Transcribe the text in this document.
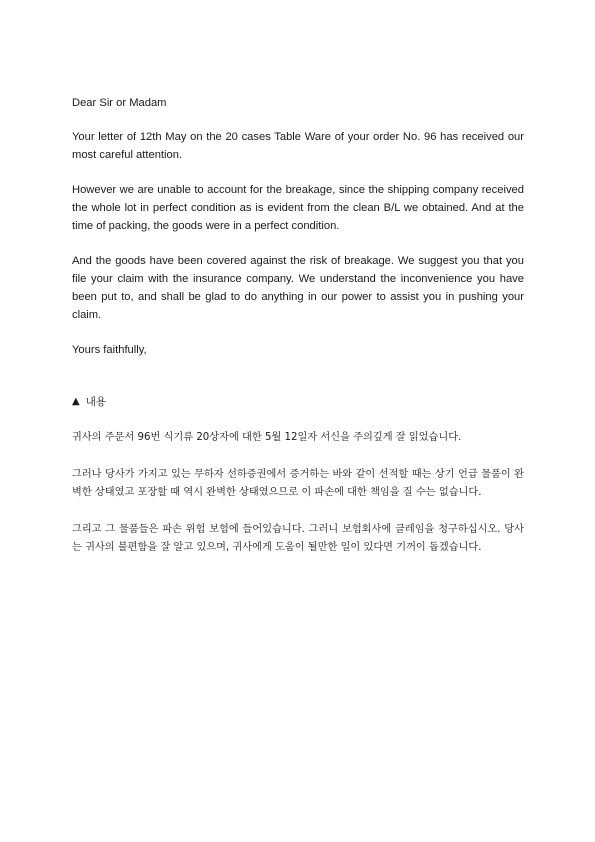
Dear Sir or Madam

Your letter of 12th May on the 20 cases Table Ware of your order No. 96 has received our most careful attention.

However we are unable to account for the breakage, since the shipping company received the whole lot in perfect condition as is evident from the clean B/L we obtained. And at the time of packing, the goods were in a perfect condition.

And the goods have been covered against the risk of breakage. We suggest you that you file your claim with the insurance company. We understand the inconvenience you have been put to, and shall be glad to do anything in our power to assist you in pushing your claim.

Yours faithfully,

▲ 내용

귀사의 주문서 96번 식기류 20상자에 대한 5월 12일자 서신을 주의깊게 잘 읽었습니다.

그러나 당사가 가지고 있는 무하자 선하증권에서 증거하는 바와 같이 선적할 때는 상기 언급 물품이 완벽한 상태였고 포장할 때 역시 완벽한 상태였으므로 이 파손에 대한 책임을 질 수는 없습니다.

그리고 그 물품들은 파손 위험 보험에 들어있습니다. 그러니 보험회사에 클레임을 청구하십시오. 당사는 귀사의 불편함을 잘 알고 있으며, 귀사에게 도움이 될만한 일이 있다면 기꺼이 돕겠습니다.
